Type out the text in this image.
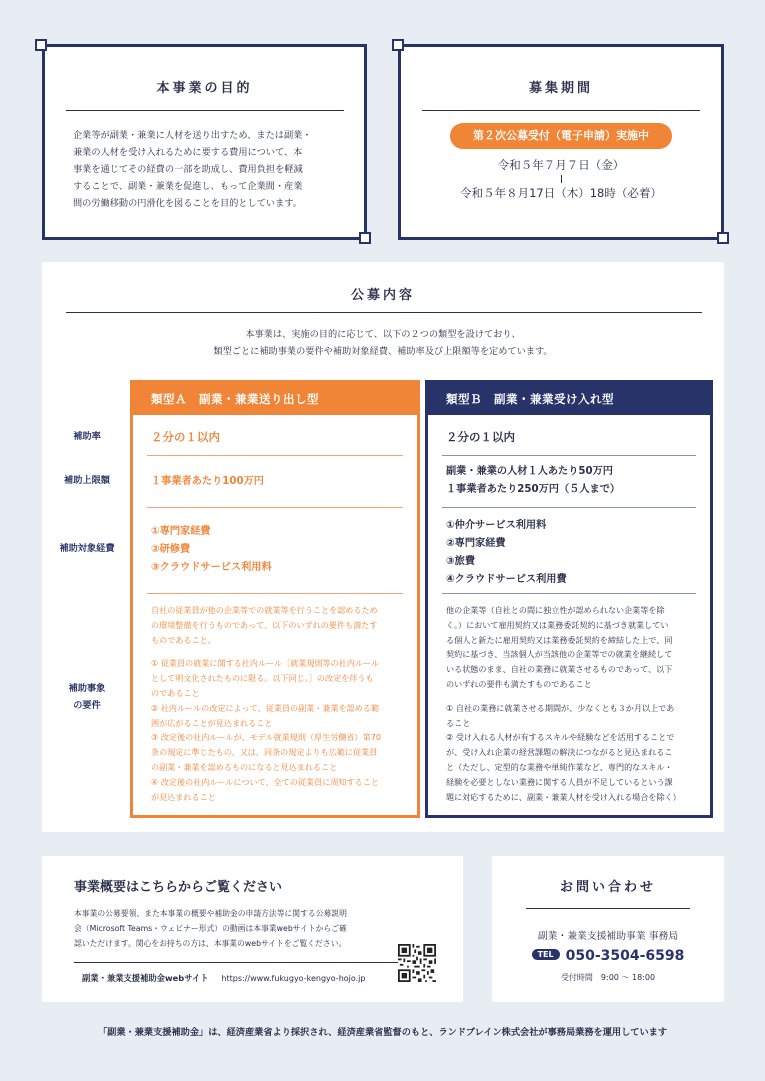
本事業の目的
企業等が副業・兼業に人材を送り出すため、または副業・
兼業の人材を受け入れるために要する費用について、本
事業を通じてその経費の一部を助成し、費用負担を軽減
することで、副業・兼業を促進し、もって企業間・産業
間の労働移動の円滑化を図ることを目的としています。
募集期間
第２次公募受付（電子申請）実施中
令和５年７月７日（金）
令和５年８月17日（木）18時（必着）
公募内容
本事業は、実施の目的に応じて、以下の２つの類型を設けており、
類型ごとに補助事業の要件や補助対象経費、補助率及び上限額等を定めています。
補助率
補助上限額
補助対象経費
補助事象
の要件
類型Ａ　副業・兼業送り出し型
２分の１以内
１事業者あたり100万円
①専門家経費
②研修費
③クラウドサービス利用料
自社の従業員が他の企業等での就業等を行うことを認めるため
の環境整備を行うものであって、以下のいずれの要件も満たす
ものであること。
① 従業員の就業に関する社内ルール［就業規則等の社内ルール
として明文化されたものに限る。以下同じ。］の改定を伴うも
のであること
② 社内ルールの改定によって、従業員の副業・兼業を認める範
囲が広がることが見込まれること
③ 改定後の社内ルールが、モデル就業規則（厚生労働省）第70
条の規定に準じたもの、又は、同条の規定よりも広範に従業員
の副業・兼業を認めるものになると見込まれること
④ 改定後の社内ルールについて、全ての従業員に周知すること
が見込まれること
類型Ｂ　副業・兼業受け入れ型
２分の１以内
副業・兼業の人材１人あたり50万円
１事業者あたり250万円（５人まで）
①仲介サービス利用料
②専門家経費
③旅費
④クラウドサービス利用費
他の企業等（自社との間に独立性が認められない企業等を除
く。）において雇用契約又は業務委託契約に基づき就業してい
る個人と新たに雇用契約又は業務委託契約を締結した上で、同
契約に基づき、当該個人が当該他の企業等での就業を継続して
いる状態のまま、自社の業務に就業させるものであって、以下
のいずれの要件も満たすものであること
① 自社の業務に就業させる期間が、少なくとも３か月以上であ
ること
② 受け入れる人材が有するスキルや経験などを活用することで
が、受け入れ企業の経営課題の解決につながると見込まれるこ
と（ただし、定型的な業務や単純作業など、専門的なスキル・
経験を必要としない業務に関する人員が不足しているという課
題に対応するために、副業・兼業人材を受け入れる場合を除く）
事業概要はこちらからご覧ください
本事業の公募要領、また本事業の概要や補助金の申請方法等に関する公募説明
会（Microsoft Teams・ウェビナー形式）の動画は本事業webサイトからご確
認いただけます。関心をお持ちの方は、本事業のwebサイトをご覧ください。
副業・兼業支援補助金webサイト https://www.fukugyo-kengyo-hojo.jp
お問い合わせ
副業・兼業支援補助事業 事務局
TEL 050-3504-6598
受付時間　9:00 〜 18:00
「副業・兼業支援補助金」は、経済産業省より採択され、経済産業省監督のもと、ランドブレイン株式会社が事務局業務を運用しています
